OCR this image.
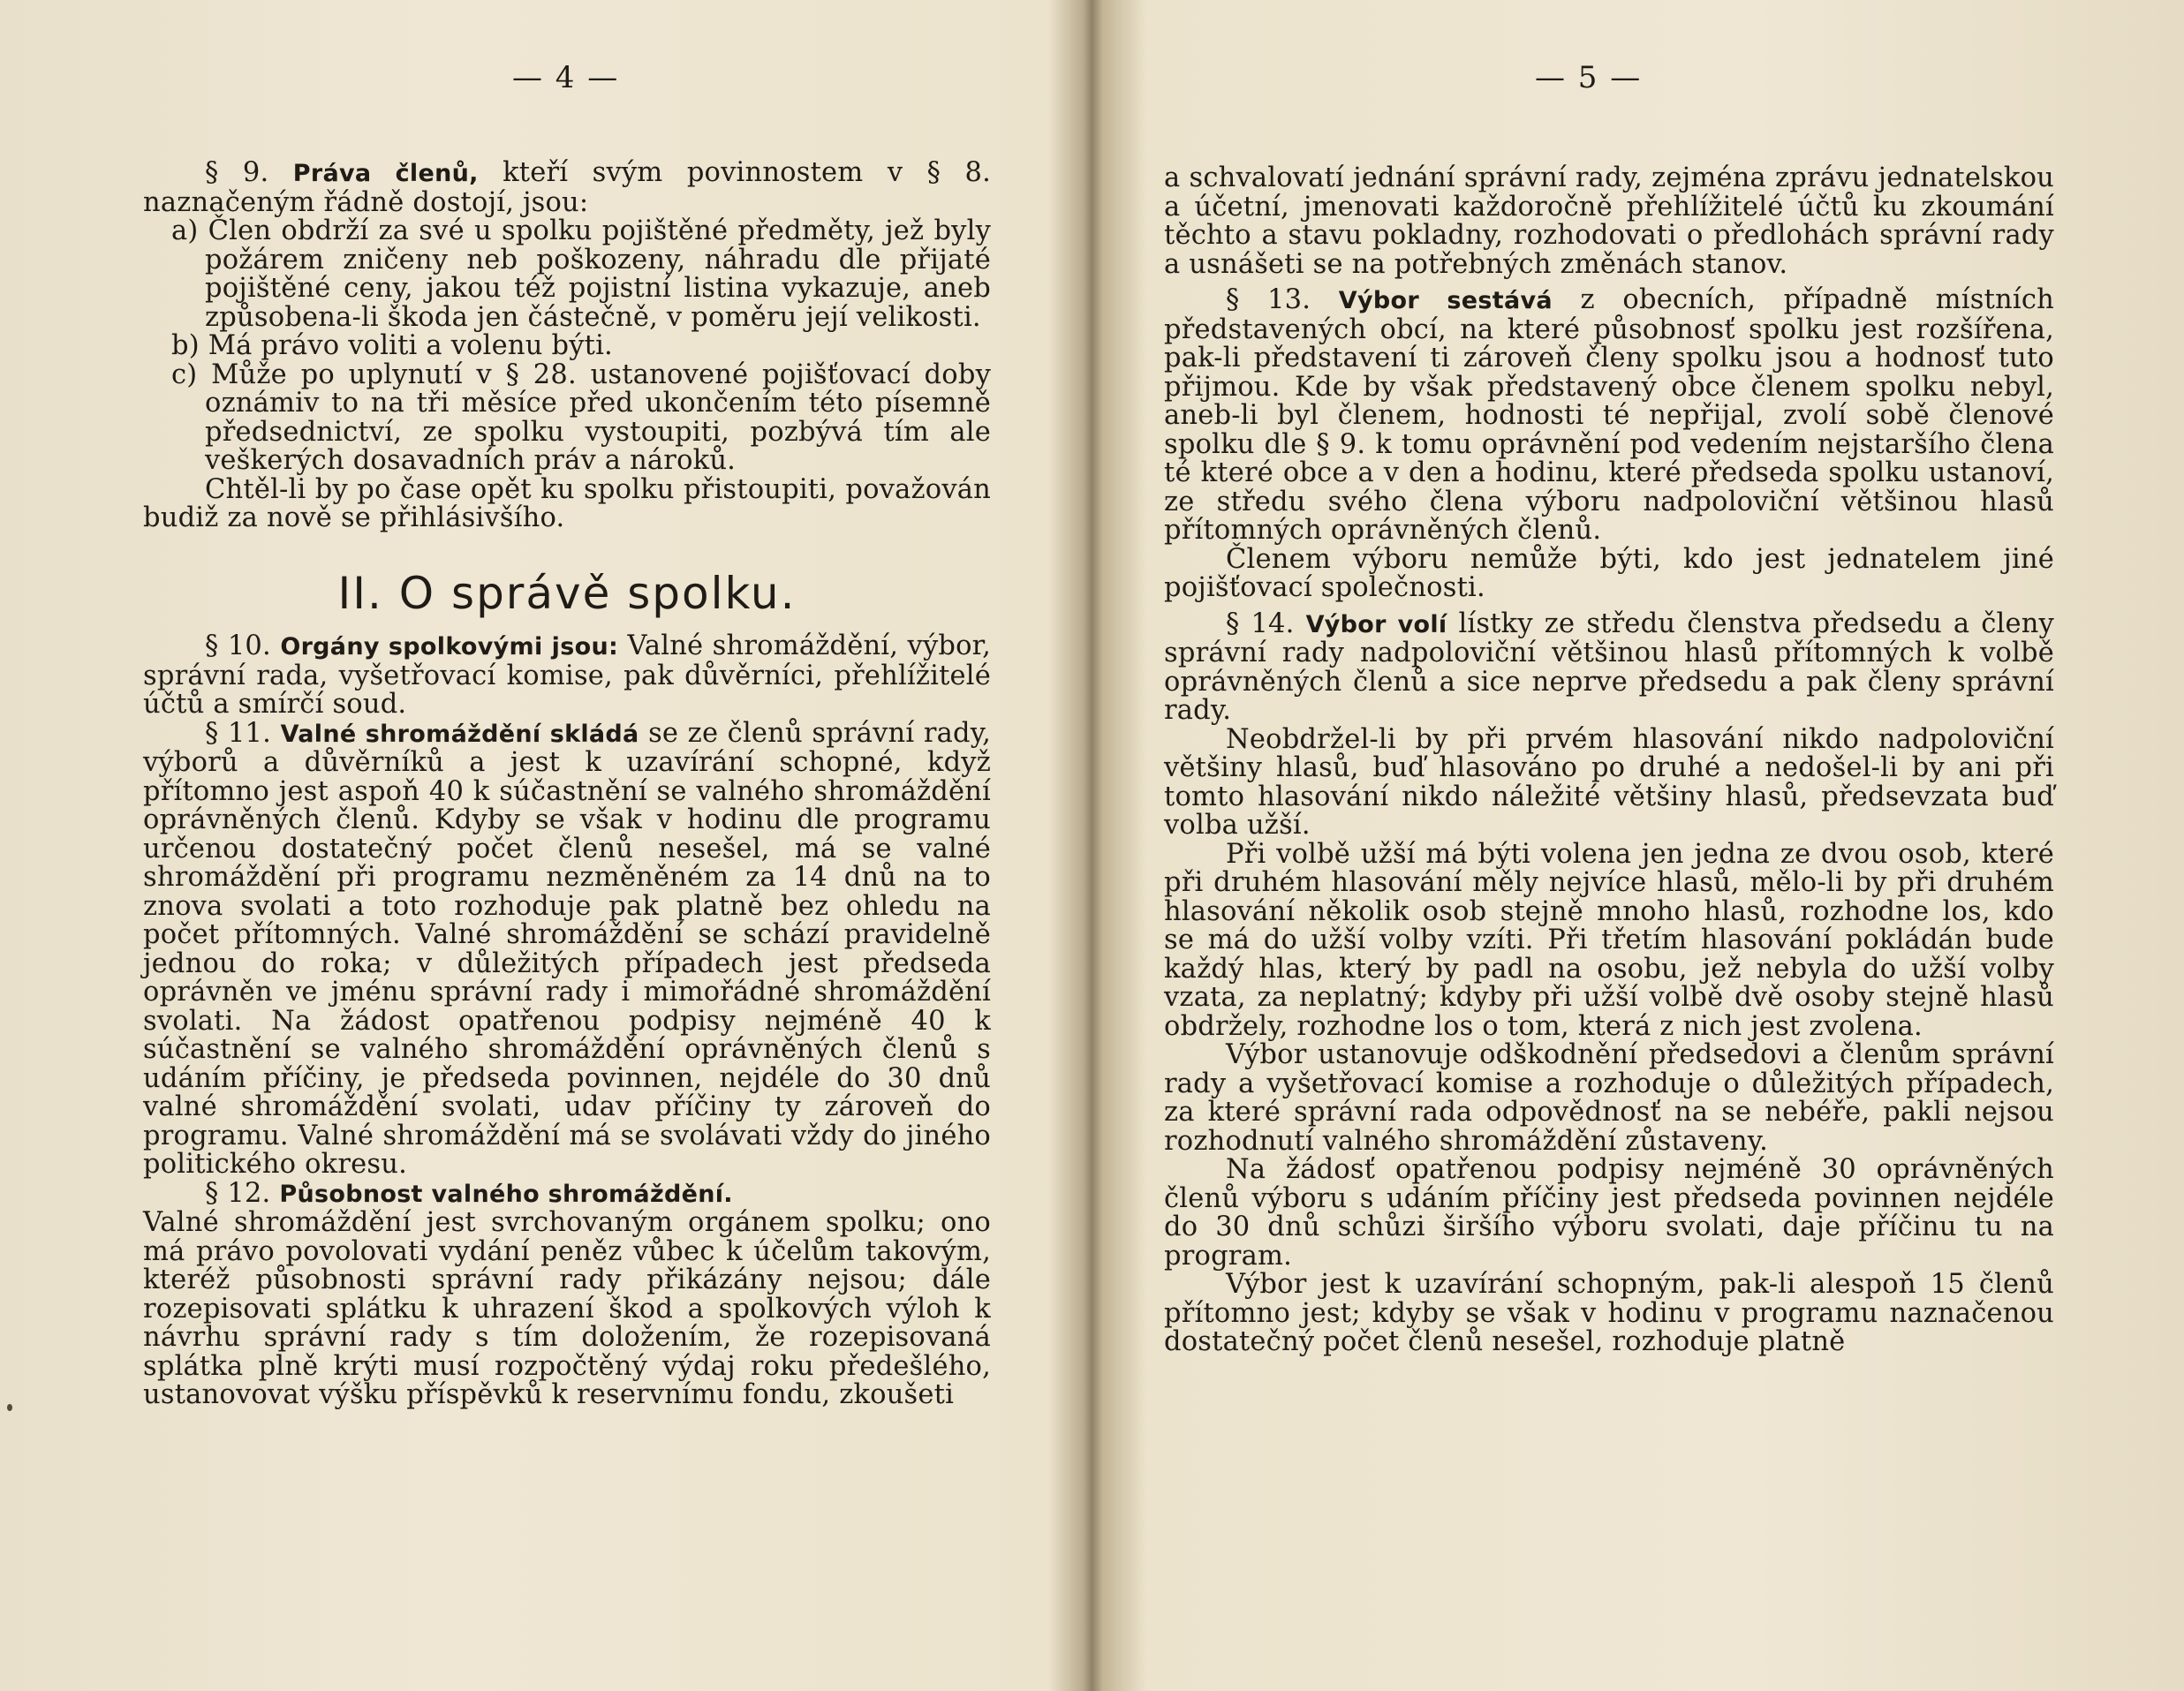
— 4 —

§ 9. Práva členů, kteří svým povinnostem v § 8. naznačeným řádně dostojí, jsou:

a) Člen obdrží za své u spolku pojištěné předměty, jež byly požárem zničeny neb poškozeny, náhradu dle přijaté pojištěné ceny, jakou též pojistní listina vykazuje, aneb způsobena-li škoda jen částečně, v poměru její velikosti.

b) Má právo voliti a volenu býti.

c) Může po uplynutí v § 28. ustanovené pojišťovací doby oznámiv to na tři měsíce před ukončením této písemně předsednictví, ze spolku vystoupiti, pozbývá tím ale veškerých dosavadních práv a nároků.

Chtěl-li by po čase opět ku spolku přistoupiti, považován budiž za nově se přihlásivšího.

II. O správě spolku.

§ 10. Orgány spolkovými jsou: Valné shromáždění, výbor, správní rada, vyšetřovací komise, pak důvěrníci, přehlížitelé účtů a smírčí soud.

§ 11. Valné shromáždění skládá se ze členů správní rady, výborů a důvěrníků a jest k uzavírání schopné, když přítomno jest aspoň 40 k súčastnění se valného shromáždění oprávněných členů. Kdyby se však v hodinu dle programu určenou dostatečný počet členů nesešel, má se valné shromáždění při programu nezměněném za 14 dnů na to znova svolati a toto rozhoduje pak platně bez ohledu na počet přítomných. Valné shromáždění se schází pravidelně jednou do roka; v důležitých případech jest předseda oprávněn ve jménu správní rady i mimořádné shromáždění svolati. Na žádost opatřenou podpisy nejméně 40 k súčastnění se valného shromáždění oprávněných členů s udáním příčiny, je předseda povinnen, nejdéle do 30 dnů valné shromáždění svolati, udav příčiny ty zároveň do programu. Valné shromáždění má se svolávati vždy do jiného politického okresu.

§ 12. Působnost valného shromáždění.

Valné shromáždění jest svrchovaným orgánem spolku; ono má právo povolovati vydání peněz vůbec k účelům takovým, kteréž působnosti správní rady přikázány nejsou; dále rozepisovati splátku k uhrazení škod a spolkových výloh k návrhu správní rady s tím doložením, že rozepisovaná splátka plně krýti musí rozpočtěný výdaj roku předešlého, ustanovovat výšku příspěvků k reservnímu fondu, zkoušeti

— 5 —

a schvalovatí jednání správní rady, zejména zprávu jednatelskou a účetní, jmenovati každoročně přehlížitelé účtů ku zkoumání těchto a stavu pokladny, rozhodovati o předlohách správní rady a usnášeti se na potřebných změnách stanov.

§ 13. Výbor sestává z obecních, případně místních představených obcí, na které působnosť spolku jest rozšířena, pak-li představení ti zároveň členy spolku jsou a hodnosť tuto přijmou. Kde by však představený obce členem spolku nebyl, aneb-li byl členem, hodnosti té nepřijal, zvolí sobě členové spolku dle § 9. k tomu oprávnění pod vedením nejstaršího člena té které obce a v den a hodinu, které předseda spolku ustanoví, ze středu svého člena výboru nadpoloviční většinou hlasů přítomných oprávněných členů.

Členem výboru nemůže býti, kdo jest jednatelem jiné pojišťovací společnosti.

§ 14. Výbor volí lístky ze středu členstva předsedu a členy správní rady nadpoloviční většinou hlasů přítomných k volbě oprávněných členů a sice neprve předsedu a pak členy správní rady.

Neobdržel-li by při prvém hlasování nikdo nadpoloviční většiny hlasů, buď hlasováno po druhé a nedošel-li by ani při tomto hlasování nikdo náležité většiny hlasů, předsevzata buď volba užší.

Při volbě užší má býti volena jen jedna ze dvou osob, které při druhém hlasování měly nejvíce hlasů, mělo-li by při druhém hlasování několik osob stejně mnoho hlasů, rozhodne los, kdo se má do užší volby vzíti. Při třetím hlasování pokládán bude každý hlas, který by padl na osobu, jež nebyla do užší volby vzata, za neplatný; kdyby při užší volbě dvě osoby stejně hlasů obdržely, rozhodne los o tom, která z nich jest zvolena.

Výbor ustanovuje odškodnění předsedovi a členům správní rady a vyšetřovací komise a rozhoduje o důležitých případech, za které správní rada odpovědnosť na se nebéře, pakli nejsou rozhodnutí valného shromáždění zůstaveny.

Na žádosť opatřenou podpisy nejméně 30 oprávněných členů výboru s udáním příčiny jest předseda povinnen nejdéle do 30 dnů schůzi širšího výboru svolati, daje příčinu tu na program.

Výbor jest k uzavírání schopným, pak-li alespoň 15 členů přítomno jest; kdyby se však v hodinu v programu naznačenou dostatečný počet členů nesešel, rozhoduje platně
